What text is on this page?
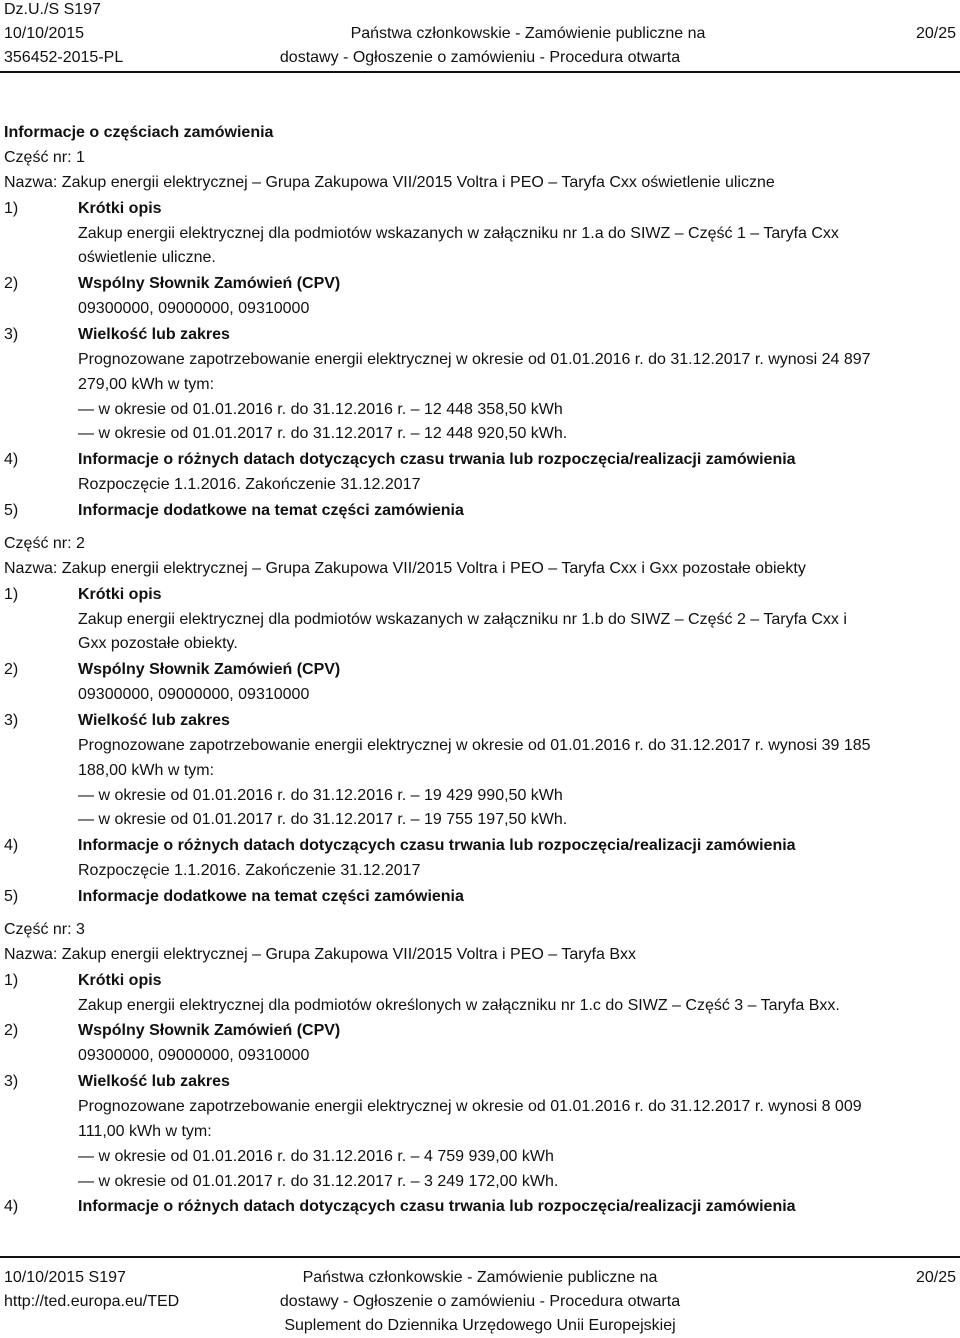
Dz.U./S S197
10/10/2015
356452-2015-PL
Państwa członkowskie - Zamówienie publiczne na
dostawy - Ogłoszenie o zamówieniu - Procedura otwarta
20/25
Informacje o częściach zamówienia
Część nr: 1
Nazwa: Zakup energii elektrycznej – Grupa Zakupowa VII/2015 Voltra i PEO – Taryfa Cxx oświetlenie uliczne
1)	Krótki opis
Zakup energii elektrycznej dla podmiotów wskazanych w załączniku nr 1.a do SIWZ – Część 1 – Taryfa Cxx
oświetlenie uliczne.
2)	Wspólny Słownik Zamówień (CPV)
09300000, 09000000, 09310000
3)	Wielkość lub zakres
Prognozowane zapotrzebowanie energii elektrycznej w okresie od 01.01.2016 r. do 31.12.2017 r. wynosi 24 897
279,00 kWh w tym:
— w okresie od 01.01.2016 r. do 31.12.2016 r. – 12 448 358,50 kWh
— w okresie od 01.01.2017 r. do 31.12.2017 r. – 12 448 920,50 kWh.
4)	Informacje o różnych datach dotyczących czasu trwania lub rozpoczęcia/realizacji zamówienia
Rozpoczęcie 1.1.2016. Zakończenie 31.12.2017
5)	Informacje dodatkowe na temat części zamówienia
Część nr: 2
Nazwa: Zakup energii elektrycznej – Grupa Zakupowa VII/2015 Voltra i PEO – Taryfa Cxx i Gxx pozostałe obiekty
1)	Krótki opis
Zakup energii elektrycznej dla podmiotów wskazanych w załączniku nr 1.b do SIWZ – Część 2 – Taryfa Cxx i
Gxx pozostałe obiekty.
2)	Wspólny Słownik Zamówień (CPV)
09300000, 09000000, 09310000
3)	Wielkość lub zakres
Prognozowane zapotrzebowanie energii elektrycznej w okresie od 01.01.2016 r. do 31.12.2017 r. wynosi 39 185
188,00 kWh w tym:
— w okresie od 01.01.2016 r. do 31.12.2016 r. – 19 429 990,50 kWh
— w okresie od 01.01.2017 r. do 31.12.2017 r. – 19 755 197,50 kWh.
4)	Informacje o różnych datach dotyczących czasu trwania lub rozpoczęcia/realizacji zamówienia
Rozpoczęcie 1.1.2016. Zakończenie 31.12.2017
5)	Informacje dodatkowe na temat części zamówienia
Część nr: 3
Nazwa: Zakup energii elektrycznej – Grupa Zakupowa VII/2015 Voltra i PEO – Taryfa Bxx
1)	Krótki opis
Zakup energii elektrycznej dla podmiotów określonych w załączniku nr 1.c do SIWZ – Część 3 – Taryfa Bxx.
2)	Wspólny Słownik Zamówień (CPV)
09300000, 09000000, 09310000
3)	Wielkość lub zakres
Prognozowane zapotrzebowanie energii elektrycznej w okresie od 01.01.2016 r. do 31.12.2017 r. wynosi 8 009
111,00 kWh w tym:
— w okresie od 01.01.2016 r. do 31.12.2016 r. – 4 759 939,00 kWh
— w okresie od 01.01.2017 r. do 31.12.2017 r. – 3 249 172,00 kWh.
4)	Informacje o różnych datach dotyczących czasu trwania lub rozpoczęcia/realizacji zamówienia
10/10/2015 S197
http://ted.europa.eu/TED
Państwa członkowskie - Zamówienie publiczne na
dostawy - Ogłoszenie o zamówieniu - Procedura otwarta
Suplement do Dziennika Urzędowego Unii Europejskiej
20/25
